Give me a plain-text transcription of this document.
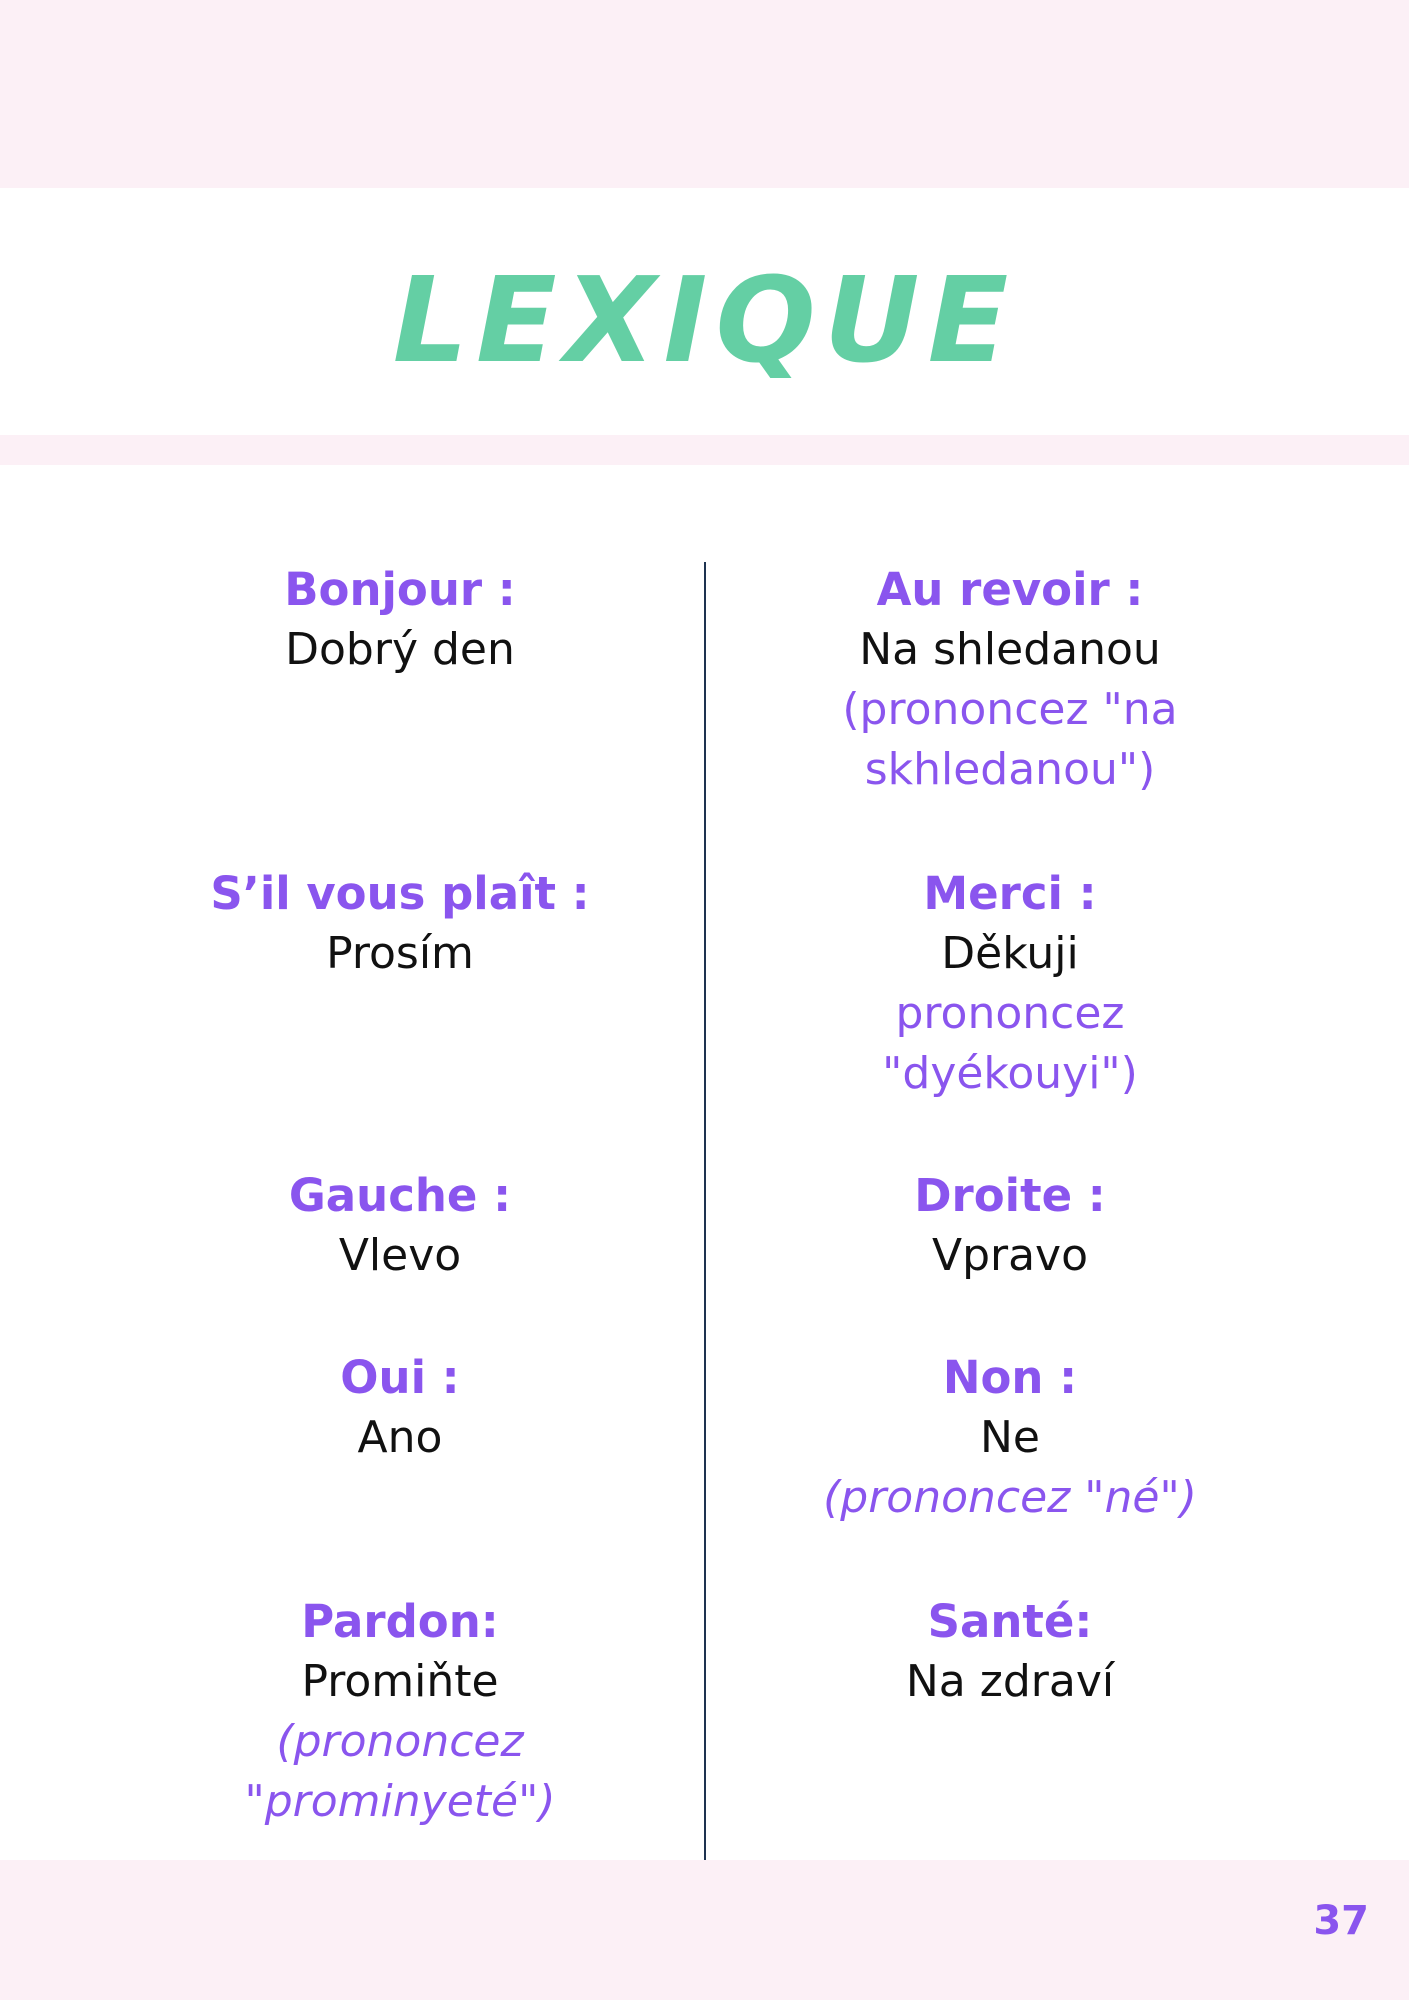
LEXIQUE
Bonjour :
Dobrý den
Au revoir :
Na shledanou
(prononcez "na skhledanou")
S’il vous plaît :
Prosím
Merci :
Děkuji
prononcez "dyékouyi")
Gauche :
Vlevo
Droite :
Vpravo
Oui :
Ano
Non :
Ne
(prononcez "né")
Pardon:
Promiňte
(prononcez "prominyeté")
Santé:
Na zdraví
37
